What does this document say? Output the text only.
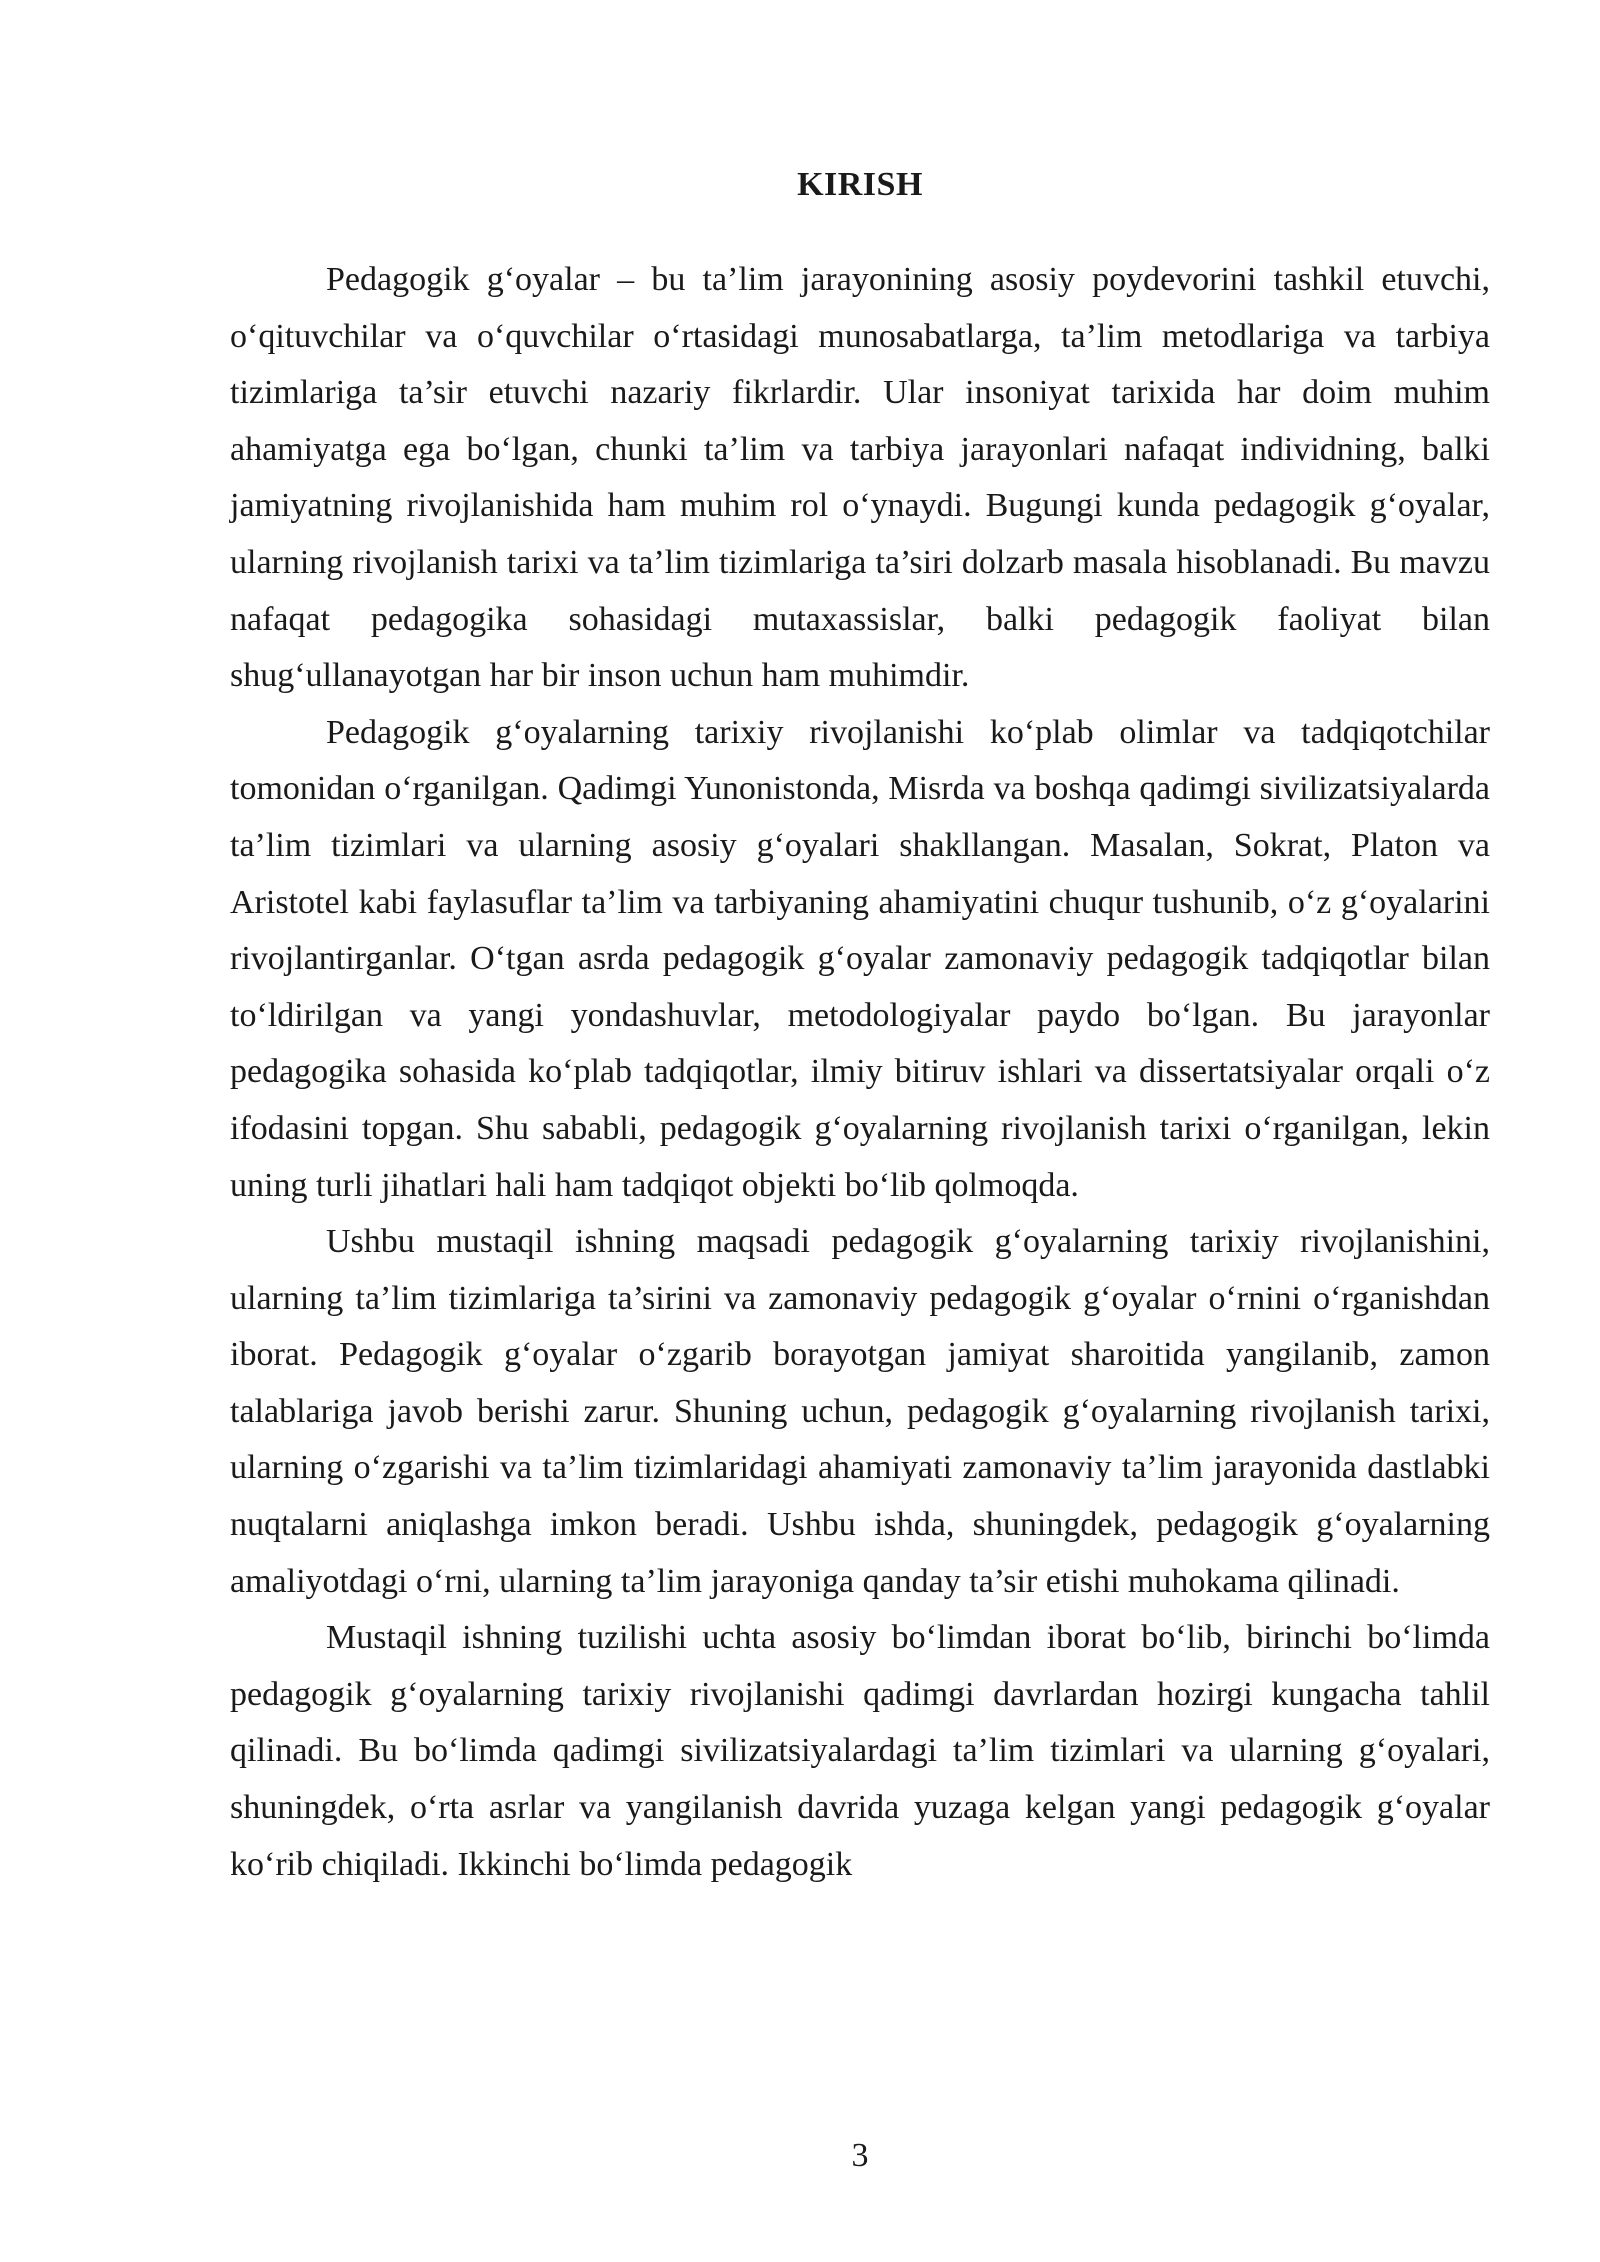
KIRISH

Pedagogik g‘oyalar – bu ta’lim jarayonining asosiy poydevorini tashkil etuvchi, o‘qituvchilar va o‘quvchilar o‘rtasidagi munosabatlarga, ta’lim metodlariga va tarbiya tizimlariga ta’sir etuvchi nazariy fikrlardir. Ular insoniyat tarixida har doim muhim ahamiyatga ega bo‘lgan, chunki ta’lim va tarbiya jarayonlari nafaqat individning, balki jamiyatning rivojlanishida ham muhim rol o‘ynaydi. Bugungi kunda pedagogik g‘oyalar, ularning rivojlanish tarixi va ta’lim tizimlariga ta’siri dolzarb masala hisoblanadi. Bu mavzu nafaqat pedagogika sohasidagi mutaxassislar, balki pedagogik faoliyat bilan shug‘ullanayotgan har bir inson uchun ham muhimdir.

Pedagogik g‘oyalarning tarixiy rivojlanishi ko‘plab olimlar va tadqiqotchilar tomonidan o‘rganilgan. Qadimgi Yunonistonda, Misrda va boshqa qadimgi sivilizatsiyalarda ta’lim tizimlari va ularning asosiy g‘oyalari shakllangan. Masalan, Sokrat, Platon va Aristotel kabi faylasuflar ta’lim va tarbiyaning ahamiyatini chuqur tushunib, o‘z g‘oyalarini rivojlantirganlar. O‘tgan asrda pedagogik g‘oyalar zamonaviy pedagogik tadqiqotlar bilan to‘ldirilgan va yangi yondashuvlar, metodologiyalar paydo bo‘lgan. Bu jarayonlar pedagogika sohasida ko‘plab tadqiqotlar, ilmiy bitiruv ishlari va dissertatsiyalar orqali o‘z ifodasini topgan. Shu sababli, pedagogik g‘oyalarning rivojlanish tarixi o‘rganilgan, lekin uning turli jihatlari hali ham tadqiqot objekti bo‘lib qolmoqda.

Ushbu mustaqil ishning maqsadi pedagogik g‘oyalarning tarixiy rivojlanishini, ularning ta’lim tizimlariga ta’sirini va zamonaviy pedagogik g‘oyalar o‘rnini o‘rganishdan iborat. Pedagogik g‘oyalar o‘zgarib borayotgan jamiyat sharoitida yangilanib, zamon talablariga javob berishi zarur. Shuning uchun, pedagogik g‘oyalarning rivojlanish tarixi, ularning o‘zgarishi va ta’lim tizimlaridagi ahamiyati zamonaviy ta’lim jarayonida dastlabki nuqtalarni aniqlashga imkon beradi. Ushbu ishda, shuningdek, pedagogik g‘oyalarning amaliyotdagi o‘rni, ularning ta’lim jarayoniga qanday ta’sir etishi muhokama qilinadi.

Mustaqil ishning tuzilishi uchta asosiy bo‘limdan iborat bo‘lib, birinchi bo‘limda pedagogik g‘oyalarning tarixiy rivojlanishi qadimgi davrlardan hozirgi kungacha tahlil qilinadi. Bu bo‘limda qadimgi sivilizatsiyalardagi ta’lim tizimlari va ularning g‘oyalari, shuningdek, o‘rta asrlar va yangilanish davrida yuzaga kelgan yangi pedagogik g‘oyalar ko‘rib chiqiladi. Ikkinchi bo‘limda pedagogik

3
